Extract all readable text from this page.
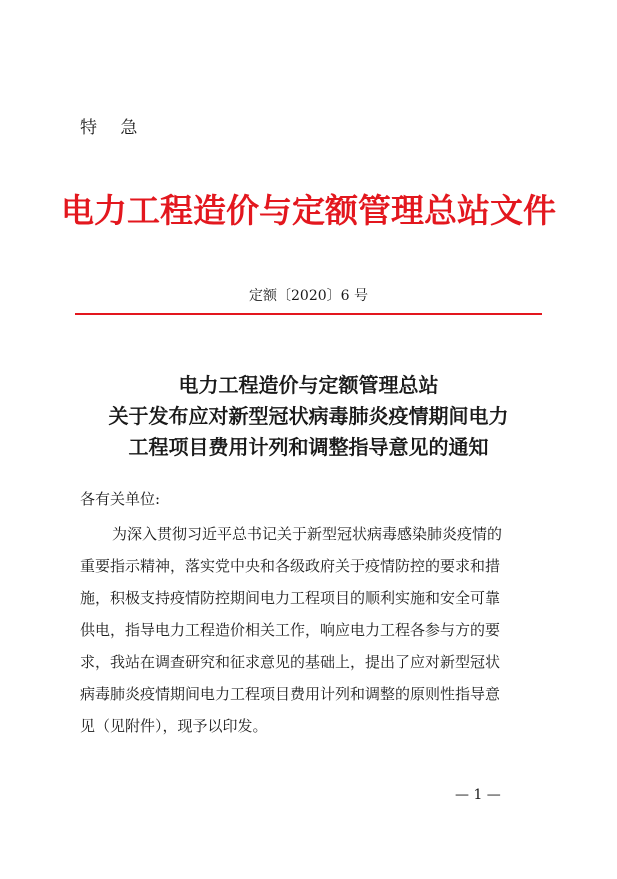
特 急
电力工程造价与定额管理总站文件
定额〔2020〕6 号
电力工程造价与定额管理总站
关于发布应对新型冠状病毒肺炎疫情期间电力
工程项目费用计列和调整指导意见的通知
各有关单位:
为深入贯彻习近平总书记关于新型冠状病毒感染肺炎疫情的
重要指示精神，落实党中央和各级政府关于疫情防控的要求和措
施，积极支持疫情防控期间电力工程项目的顺利实施和安全可靠
供电，指导电力工程造价相关工作，响应电力工程各参与方的要
求，我站在调查研究和征求意见的基础上，提出了应对新型冠状
病毒肺炎疫情期间电力工程项目费用计列和调整的原则性指导意
见（见附件），现予以印发。
— 1 —
